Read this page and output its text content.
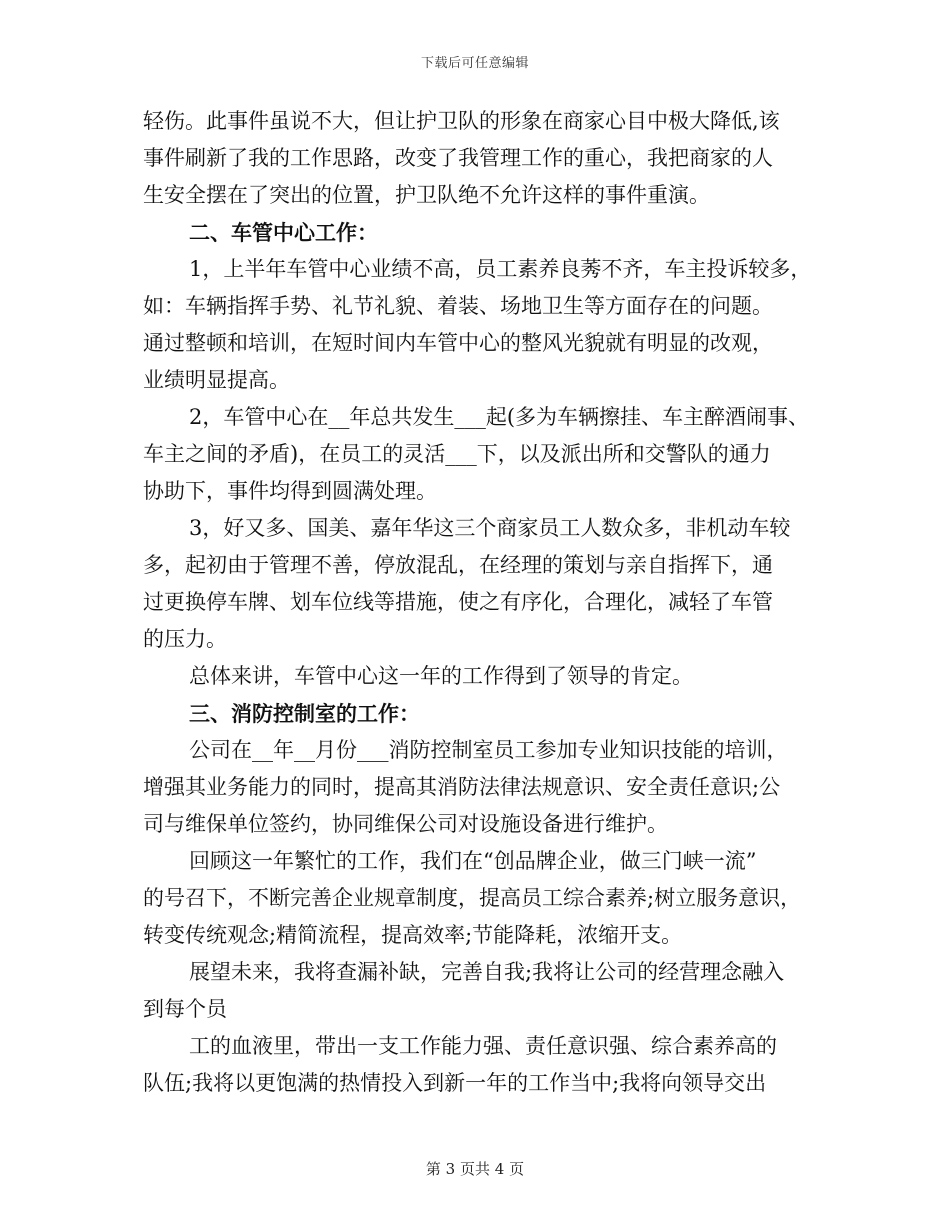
下载后可任意编辑
轻伤。此事件虽说不大，但让护卫队的形象在商家心目中极大降低,该
事件刷新了我的工作思路，改变了我管理工作的重心，我把商家的人
生安全摆在了突出的位置，护卫队绝不允许这样的事件重演。
二、车管中心工作：
1，上半年车管中心业绩不高，员工素养良莠不齐，车主投诉较多，
如：车辆指挥手势、礼节礼貌、着装、场地卫生等方面存在的问题。
通过整顿和培训，在短时间内车管中心的整风光貌就有明显的改观，
业绩明显提高。
2，车管中心在__年总共发生___起(多为车辆擦挂、车主醉酒闹事、
车主之间的矛盾)，在员工的灵活___下，以及派出所和交警队的通力
协助下，事件均得到圆满处理。
3，好又多、国美、嘉年华这三个商家员工人数众多，非机动车较
多，起初由于管理不善，停放混乱，在经理的策划与亲自指挥下，通
过更换停车牌、划车位线等措施，使之有序化，合理化，减轻了车管
的压力。
总体来讲，车管中心这一年的工作得到了领导的肯定。
三、消防控制室的工作：
公司在__年__月份___消防控制室员工参加专业知识技能的培训，
增强其业务能力的同时，提高其消防法律法规意识、安全责任意识;公
司与维保单位签约，协同维保公司对设施设备进行维护。
回顾这一年繁忙的工作，我们在“创品牌企业，做三门峡一流”
的号召下，不断完善企业规章制度，提高员工综合素养;树立服务意识，
转变传统观念;精简流程，提高效率;节能降耗，浓缩开支。
展望未来，我将查漏补缺，完善自我;我将让公司的经营理念融入
到每个员
工的血液里，带出一支工作能力强、责任意识强、综合素养高的
队伍;我将以更饱满的热情投入到新一年的工作当中;我将向领导交出
第 3 页共 4 页
